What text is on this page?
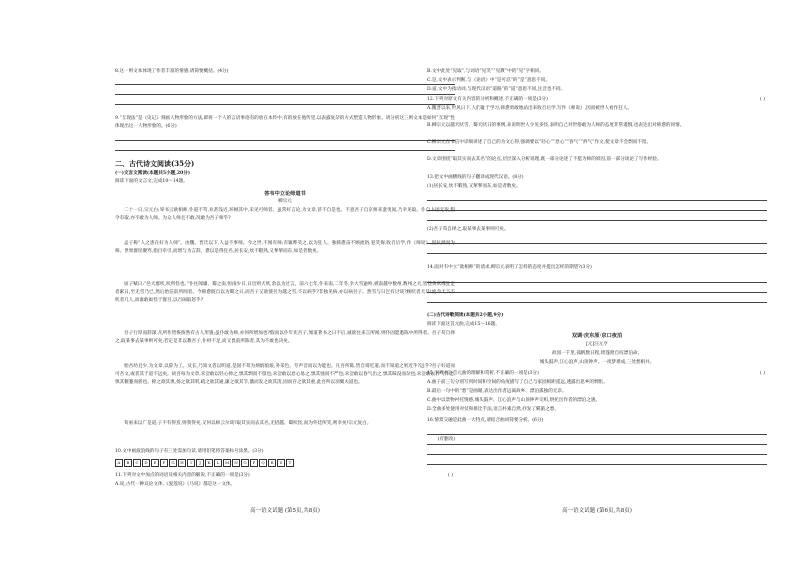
8.这一则文本体现了作者丰富的情感,请简要概括。(4分)
9.“互现法”是《史记》刻画人物形象的方法,即将一个人的言语事迹有的放在本传中,有的放在他传里,以表露复杂的方式塑造人物形象。请分析这三则文本是如何“互现”性体现出这一人物形象的。(6分)
二、古代诗文阅读(35分)
(一)文言文阅读(本题共5小题,20分)
阅读下面的文言文,完成10～14题。
答韦中立论师道书
柳宗元
二十一日,宗元白:辱书云欲相师,仆道不笃,业甚浅近,环顾其中,未见可师者。虽常好言论,为文章,甚不自是也。不意吾子自京师来蛮夷间,乃幸见取。仆自卜固无取,假令有取,亦不敢为人师。为众人师且不敢,况敢为吾子师乎?
孟子称“人之患在好为人师”。由魏、晋氏以下,人益不事师。今之世,不闻有师;有辄哗笑之,以为狂人。独韩愈奋不顾流俗,犯笑侮,收召后学,作《师说》,因抗颜而为师。世果群怪聚骂,指目牵引,而增与为言辞。愈以是得狂名,居长安,炊不暇熟,又挈挈而东,如是者数矣。
屈子赋曰:“邑犬群吠,吠所怪也。”仆往闻庸、蜀之南,恒雨少日,日出则犬吠,余以为过言。前六七年,仆来南,二年冬,幸大雪逾岭,被南越中数州,数州之犬,皆苍黄吠噬狂走者累日,至无雪乃已,然后始信前所闻者。今韩愈既自以为蜀之日,而吾子又欲使吾为越之雪,不以病乎?非独见病,亦以病吾子。然雪与日岂有过哉?顾吠者犬耳!度今天下不吠者几人,而谁敢衒怪于群目,以召闹取怒乎?
吾子行厚而辞深,凡所作皆恢恢然有古人形貌;虽仆敢为师,亦何所增加也?假而以仆年先吾子,闻道著书之日不后,诚欲往来言所闻,则仆固愿悉陈中所得者。吾子苟自择之,取某事去某事则可矣;若定是非以教吾子,仆材不足,而又畏前所陈者,其为不敢也决矣。
始吾幼且少,为文章,以辞为工。及长,乃知文者以明道,是固不苟为炳炳烺烺,务采色、夸声音而以为能也。凡吾所陈,皆自谓近道,而不知道之果近乎?远乎?吾子好道而可吾文,或者其于道不远矣。故吾每为文章,未尝敢以轻心掉之,惧其剽而不留也;未尝敢以怠心易之,惧其弛而不严也;未尝敢以昏气出之,惧其昧没而杂也;未尝敢以矜气作之,惧其偃蹇而骄也。抑之欲其奥,扬之欲其明,疏之欲其通,廉之欲其节,激而发之欲其清,固而存之欲其重,此吾所以羽翼夫道也。
苟亟来以广是道,子不有得焉,则我得矣,又何以师云尔哉?取其实而去其名,无招越、蜀吠怪,而为外廷所笑,则幸矣!宗元复白。
(有删改)
10.文中画波浪线的句子有三处需加句读,请用铅笔将答案标号涂黑。(3分)
A	B	C	D	E	F	G	H	I	J	K	L	M	N	O	P	Q	R	S	T
11.下列对文中加点的词语及相关内容的解说,不正确的一项是(3分)	( )
A.说,古代一种议论文体,《爱莲说》《马说》都是这一文体。
高一语文试题 (第5页,共8页)
B.文中此处“见取”,与词语“见笑”“见教”中的“见”字相同。
C.是,文中表示判断,与《论语》中“是可忍”的“是”意思不同。
D.道,文中为指动词,与现代汉语“道路”的“道”意思不同,注音也不同。
12.下列对原文有关内容的分析和概述,不正确的一项是(3分)	( )
A.魏晋以来,世风日下,人们耻于学习,韩愈勇敢地站出来收召后学,写作《师说》,因而被世人看作狂人。
B.柳宗元以越犬吠雪、蜀犬吠日的事例,来说明世人少见多怪,表明自己对世俗敢为人师的态度非常谨慎,也表达出对韩愈的同情。
C.柳宗元在书信中详细讲述了自己的为文心得,强调要以“轻心”“怠心”“昏气”“矜气”作文,使文章不会剽而不留。
D.文章围绕“取其实而去其名”的论点,层层深入分析说理,既一部分论述了不愿为师的原因,前一部分谈论了写作经验。
13.把文中画横线的句子翻译成现代汉语。(8分)
(1)居长安,炊不暇熟,又挈挈而东,如是者数矣。
(2)吾子苟自择之,取某事去某事则可矣。
14.面对韦中立“欲相师”的请求,柳宗元表明了怎样的态度并提出怎样的期望?(3分)
(二)古代诗歌阅读(本题共2小题,9分)
阅读下面这首元曲,完成15～16题。
双调·庆东原·京口夜泊
[元]汪元亨
故园一千里,孤帆数日程,倚篷窗自叹漂泊命。
城头鼓声,江心浪声,山顶钟声。一夜梦难成,三处愁相并。
15.下列对这首元曲的理解和赏析,不正确的一项是(3分)	( )
A.曲子前三句分别写到时间和空间的角度描写了自己与家园相距遥远,透露出思乡的惆怅。
B.最后一句中的“愁”是曲眼,表达出作者远离故乡、漂泊孤独的无奈。
C.曲中以景物衬托情感,城头鼓声、江心浪声与山顶钟声交织,烘托出作者的漂泊之感。
D.全曲多处使用对仗和排比手法,语言朴素自然,抒发了羁旅之愁。
16.情景交融是此曲一大特点,请结合曲词简要分析。(6分)
高一语文试题 (第6页,共8页)
